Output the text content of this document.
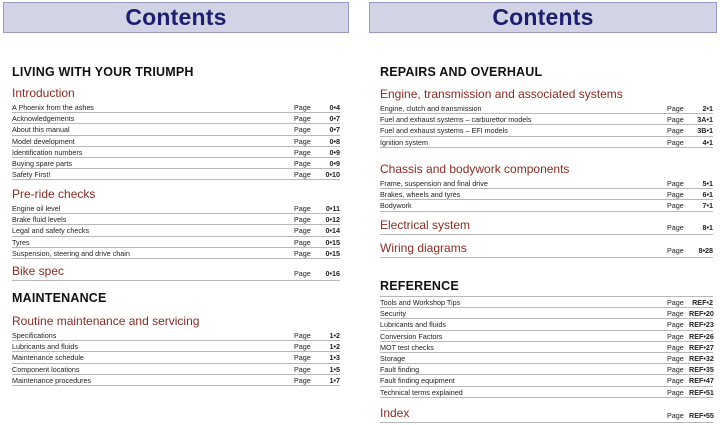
Contents
LIVING WITH YOUR TRIUMPH
Introduction
A Phoenix from the ashes	Page	0•4
Acknowledgements	Page	0•7
About this manual	Page	0•7
Model development	Page	0•8
Identification numbers	Page	0•9
Buying spare parts	Page	0•9
Safety First!	Page	0•10
Pre-ride checks
Engine oil level	Page	0•11
Brake fluid levels	Page	0•12
Legal and safety checks	Page	0•14
Tyres	Page	0•15
Suspension, steering and drive chain	Page	0•15
Bike spec	Page	0•16
MAINTENANCE
Routine maintenance and servicing
Specifications	Page	1•2
Lubricants and fluids	Page	1•2
Maintenance schedule	Page	1•3
Component locations	Page	1•5
Maintenance procedures	Page	1•7
Contents
REPAIRS AND OVERHAUL
Engine, transmission and associated systems
Engine, clutch and transmission	Page	2•1
Fuel and exhaust systems – carburettor models	Page	3A•1
Fuel and exhaust systems – EFI models	Page	3B•1
Ignition system	Page	4•1
Chassis and bodywork components
Frame, suspension and final drive	Page	5•1
Brakes, wheels and tyres	Page	6•1
Bodywork	Page	7•1
Electrical system	Page	8•1
Wiring diagrams	Page	8•28
REFERENCE
Tools and Workshop Tips	Page	REF•2
Security	Page REF•20
Lubricants and fluids	Page REF•23
Conversion Factors	Page REF•26
MOT test checks	Page REF•27
Storage	Page REF•32
Fault finding	Page REF•35
Fault finding equipment	Page REF•47
Technical terms explained	Page REF•51
Index	Page REF•55
